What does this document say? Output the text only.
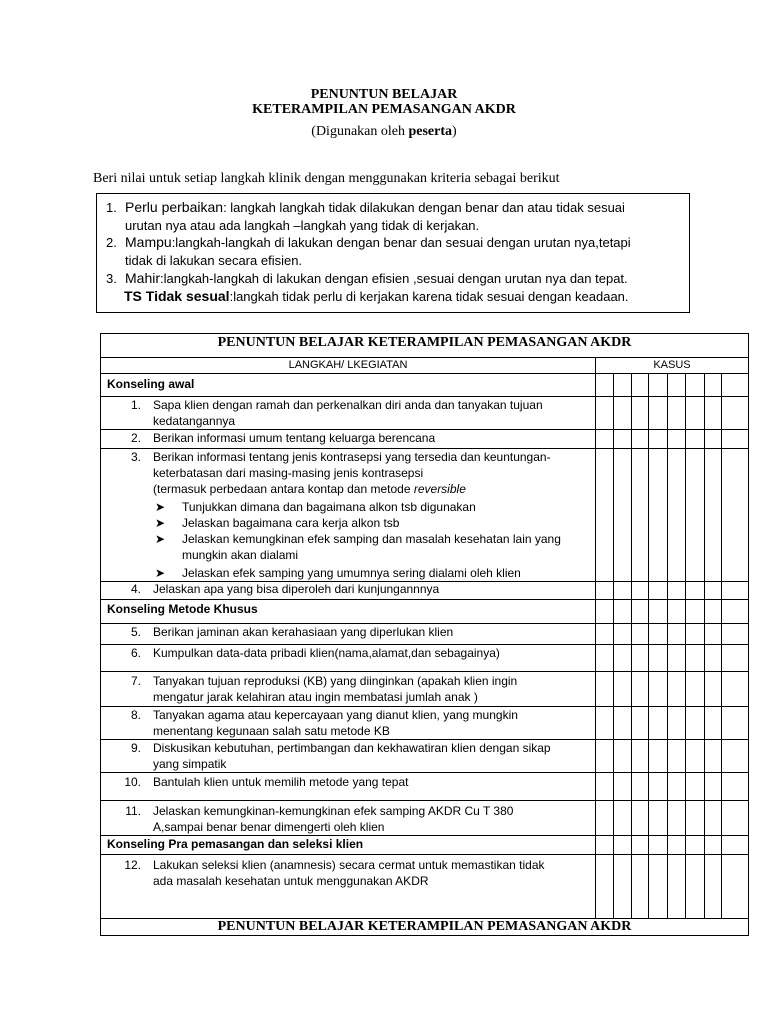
PENUNTUN BELAJAR
KETERAMPILAN PEMASANGAN AKDR
(Digunakan oleh peserta)
Beri nilai untuk setiap langkah klinik dengan menggunakan kriteria sebagai berikut
1. Perlu perbaikan: langkah langkah tidak dilakukan dengan benar dan atau tidak sesuai
urutan nya atau ada langkah –langkah yang tidak di kerjakan.
2. Mampu:langkah-langkah di lakukan dengan benar dan sesuai dengan urutan nya,tetapi
tidak di lakukan secara efisien.
3. Mahir:langkah-langkah di lakukan dengan efisien ,sesuai dengan urutan nya dan tepat.
TS Tidak sesual:langkah tidak perlu di kerjakan karena tidak sesuai dengan keadaan.
PENUNTUN BELAJAR KETERAMPILAN PEMASANGAN AKDR
LANGKAH/ LKEGIATAN	KASUS
Konseling awal
1. Sapa klien dengan ramah dan perkenalkan diri anda dan tanyakan tujuan
kedatangannya
2. Berikan informasi umum tentang keluarga berencana
3. Berikan informasi tentang jenis kontrasepsi yang tersedia dan keuntungan-
keterbatasan dari masing-masing jenis kontrasepsi
(termasuk perbedaan antara kontap dan metode reversible
➤ Tunjukkan dimana dan bagaimana alkon tsb digunakan
➤ Jelaskan bagaimana cara kerja alkon tsb
➤ Jelaskan kemungkinan efek samping dan masalah kesehatan lain yang
mungkin akan dialami
➤ Jelaskan efek samping yang umumnya sering dialami oleh klien
4. Jelaskan apa yang bisa diperoleh dari kunjungannnya
Konseling Metode Khusus
5. Berikan jaminan akan kerahasiaan yang diperlukan klien
6. Kumpulkan data-data pribadi klien(nama,alamat,dan sebagainya)
7. Tanyakan tujuan reproduksi (KB) yang diinginkan (apakah klien ingin
mengatur jarak kelahiran atau ingin membatasi jumlah anak )
8. Tanyakan agama atau kepercayaan yang dianut klien, yang mungkin
menentang kegunaan salah satu metode KB
9. Diskusikan kebutuhan, pertimbangan dan kekhawatiran klien dengan sikap
yang simpatik
10. Bantulah klien untuk memilih metode yang tepat
11. Jelaskan kemungkinan-kemungkinan efek samping AKDR Cu T 380
A,sampai benar benar dimengerti oleh klien
Konseling Pra pemasangan dan seleksi klien
12. Lakukan seleksi klien (anamnesis) secara cermat untuk memastikan tidak
ada masalah kesehatan untuk menggunakan AKDR
PENUNTUN BELAJAR KETERAMPILAN PEMASANGAN AKDR
